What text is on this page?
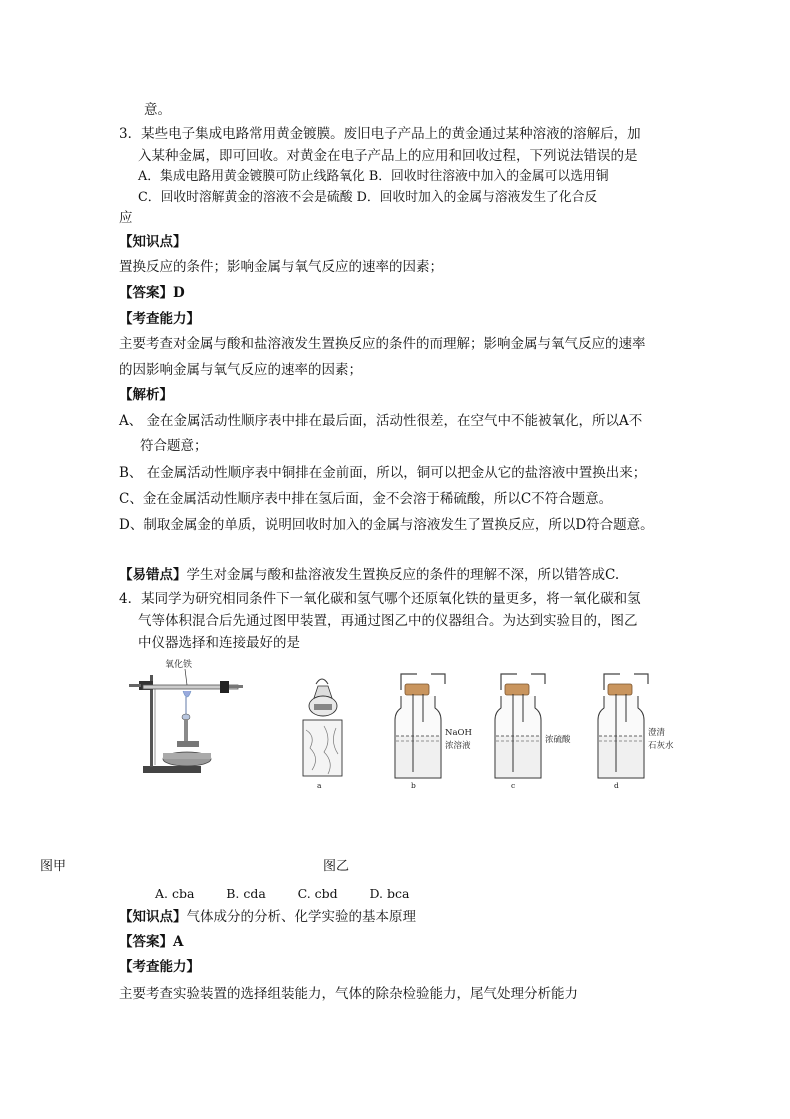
意。
3．某些电子集成电路常用黄金镀膜。废旧电子产品上的黄金通过某种溶液的溶解后，加
入某种金属，即可回收。对黄金在电子产品上的应用和回收过程，下列说法错误的是
A．集成电路用黄金镀膜可防止线路氧化 B．回收时往溶液中加入的金属可以选用铜
C．回收时溶解黄金的溶液不会是硫酸 D．回收时加入的金属与溶液发生了化合反
应
【知识点】
置换反应的条件；影响金属与氧气反应的速率的因素；
【答案】D
【考查能力】
主要考查对金属与酸和盐溶液发生置换反应的条件的而理解；影响金属与氧气反应的速率
的因影响金属与氧气反应的速率的因素；
【解析】
A、 金在金属活动性顺序表中排在最后面，活动性很差，在空气中不能被氧化，所以A不
符合题意；
B、 在金属活动性顺序表中铜排在金前面，所以，铜可以把金从它的盐溶液中置换出来；
C、金在金属活动性顺序表中排在氢后面，金不会溶于稀硫酸，所以C不符合题意。
D、制取金属金的单质，说明回收时加入的金属与溶液发生了置换反应，所以D符合题意。
【易错点】学生对金属与酸和盐溶液发生置换反应的条件的理解不深，所以错答成C.
4．某同学为研究相同条件下一氧化碳和氢气哪个还原氧化铁的量更多，将一氧化碳和氢
气等体积混合后先通过图甲装置，再通过图乙中的仪器组合。为达到实验目的，图乙
中仪器选择和连接最好的是
氧化铁
a
NaOH
浓溶液
b
浓硫酸
c
澄清
石灰水
d
图甲	图乙
A. cba        B. cda        C. cbd        D. bca
【知识点】气体成分的分析、化学实验的基本原理
【答案】A
【考查能力】
主要考查实验装置的选择组装能力，气体的除杂检验能力，尾气处理分析能力
